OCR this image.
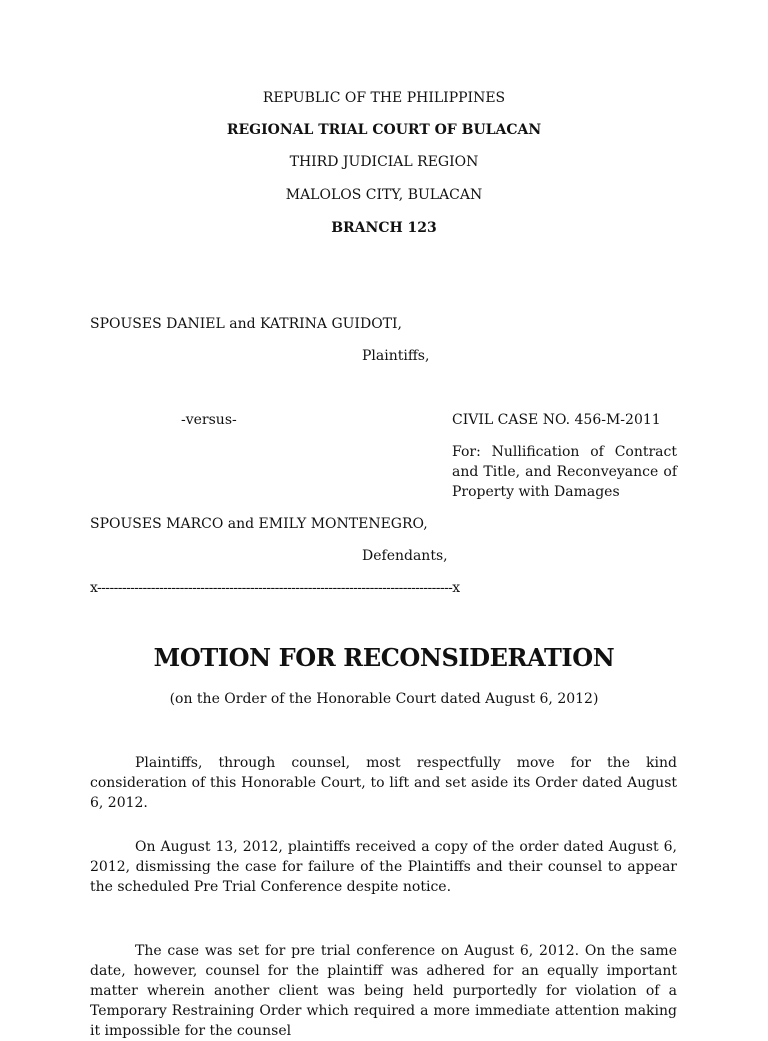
REPUBLIC OF THE PHILIPPINES
REGIONAL TRIAL COURT OF BULACAN
THIRD JUDICIAL REGION
MALOLOS CITY, BULACAN
BRANCH 123
SPOUSES DANIEL and KATRINA GUIDOTI,
Plaintiffs,
-versus-	CIVIL CASE NO. 456-M-2011
For: Nullification of Contract and Title, and Reconveyance of Property with Damages
SPOUSES MARCO and EMILY MONTENEGRO,
Defendants,
x--------------------------------------------------------------------------------------x
MOTION FOR RECONSIDERATION
(on the Order of the Honorable Court dated August 6, 2012)

Plaintiffs, through counsel, most respectfully move for the kind consideration of this Honorable Court, to lift and set aside its Order dated August 6, 2012.

On August 13, 2012, plaintiffs received a copy of the order dated August 6, 2012, dismissing the case for failure of the Plaintiffs and their counsel to appear the scheduled Pre Trial Conference despite notice.

The case was set for pre trial conference on August 6, 2012. On the same date, however, counsel for the plaintiff was adhered for an equally important matter wherein another client was being held purportedly for violation of a Temporary Restraining Order which required a more immediate attention making it impossible for the counsel
